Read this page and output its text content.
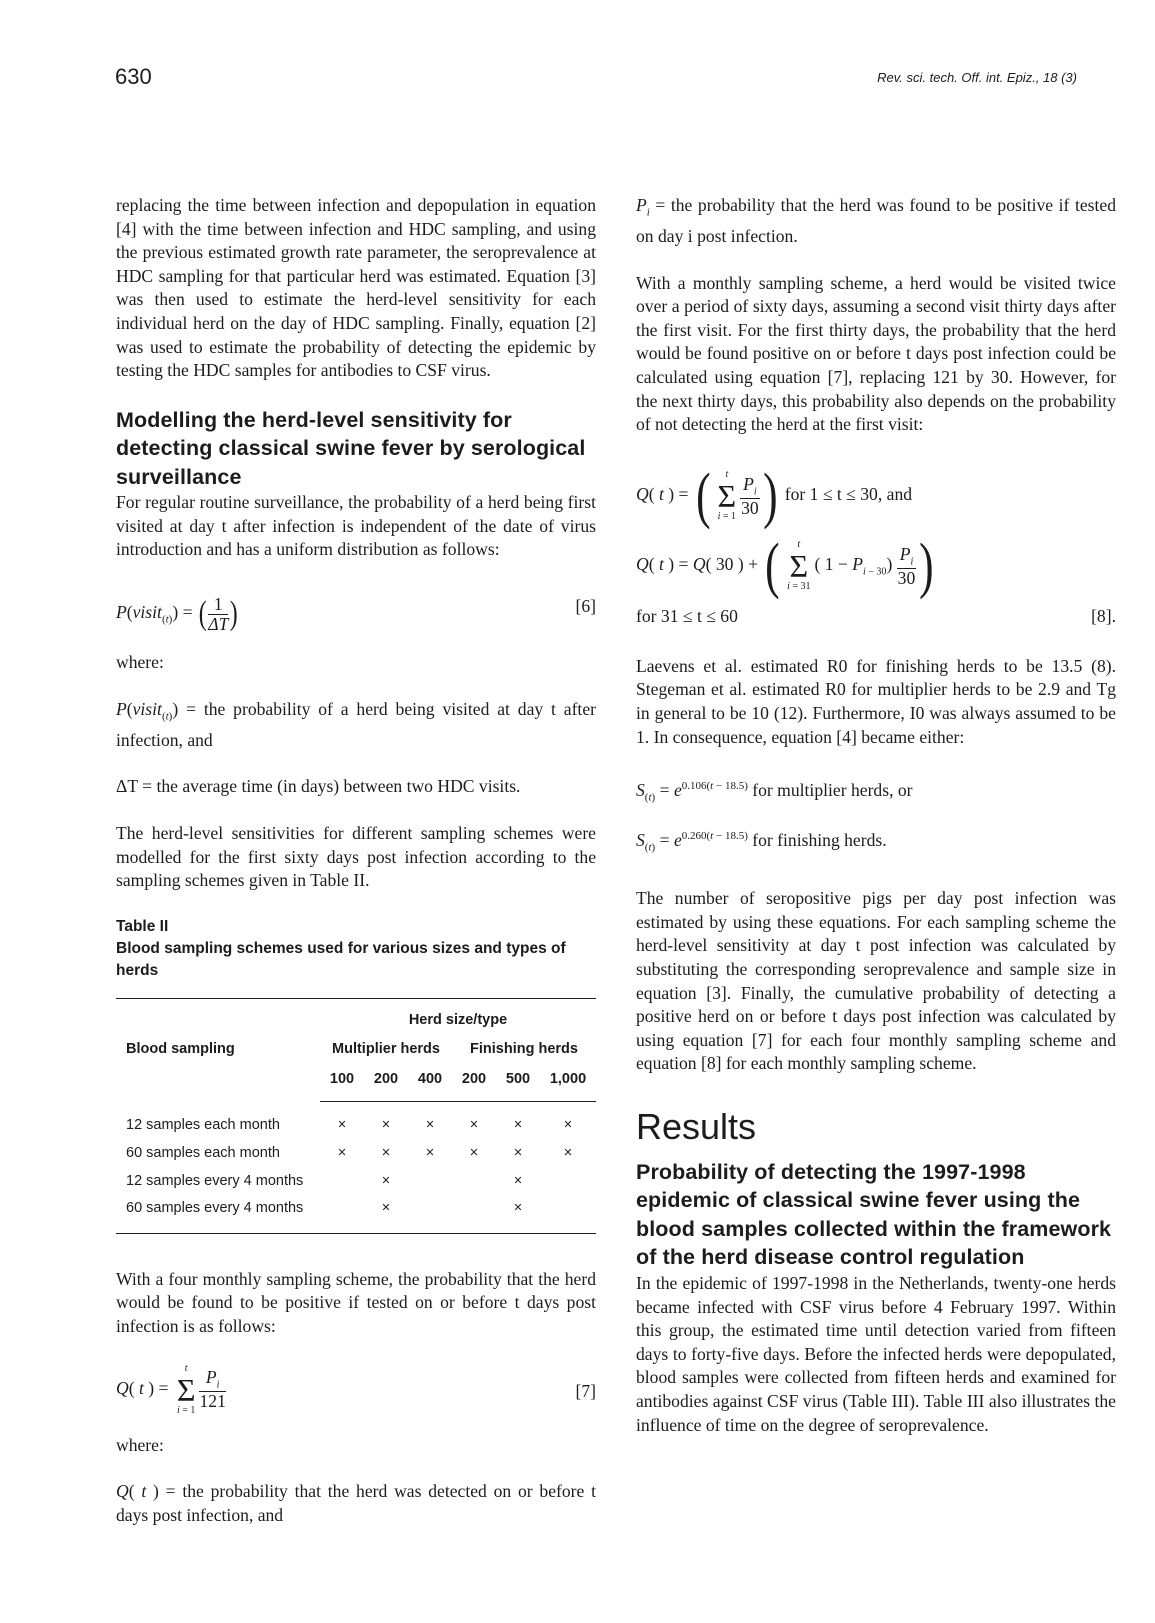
630	Rev. sci. tech. Off. int. Epiz., 18 (3)

replacing the time between infection and depopulation in equation [4] with the time between infection and HDC sampling, and using the previous estimated growth rate parameter, the seroprevalence at HDC sampling for that particular herd was estimated. Equation [3] was then used to estimate the herd-level sensitivity for each individual herd on the day of HDC sampling. Finally, equation [2] was used to estimate the probability of detecting the epidemic by testing the HDC samples for antibodies to CSF virus.

Modelling the herd-level sensitivity for detecting classical swine fever by serological surveillance

For regular routine surveillance, the probability of a herd being first visited at day t after infection is independent of the date of virus introduction and has a uniform distribution as follows:

P(visit$_{(t)}$) = ( $\frac{1}{\Delta T}$ )	[6]

where:

P(visit$_{(t)}$) = the probability of a herd being visited at day t after infection, and

ΔT = the average time (in days) between two HDC visits.

The herd-level sensitivities for different sampling schemes were modelled for the first sixty days post infection according to the sampling schemes given in Table II.

Table II
Blood sampling schemes used for various sizes and types of herds
	Herd size/type					
Blood sampling	Multiplier herds			Finishing herds		
	100	200	400	200	500	1,000
12 samples each month	×	×	×	×	×	×
60 samples each month	×	×	×	×	×	×
12 samples every 4 months		×			×	
60 samples every 4 months		×			×	

With a four monthly sampling scheme, the probability that the herd would be found to be positive if tested on or before t days post infection is as follows:

Q( t ) =
t
Σ
$i = 1 \frac{P_i}{121}$	[7]

where:

Q( t ) = the probability that the herd was detected on or before t days post infection, and

$P_i$ = the probability that the herd was found to be positive if tested on day i post infection.

With a monthly sampling scheme, a herd would be visited twice over a period of sixty days, assuming a second visit thirty days after the first visit. For the first thirty days, the probability that the herd would be found positive on or before t days post infection could be calculated using equation [7], replacing 121 by 30. However, for the next thirty days, this probability also depends on the probability of not detecting the herd at the first visit:

Q( t ) = (	t
Σ
$i = 1 \frac{P_i}{30}$ ) for 1 ≤ t ≤ 30, and
Q( t ) = Q( 30 ) + (	t
Σ
i = 31
( $1 - P_{i - 30}) \frac{P_i}{30}$ )
for 31 ≤ t ≤ 60	[8].

Laevens et al. estimated R0 for finishing herds to be 13.5 (8). Stegeman et al. estimated R0 for multiplier herds to be 2.9 and Tg in general to be 10 (12). Furthermore, I0 was always assumed to be 1. In consequence, equation [4] became either:

$S_{(t)} = e^{0.106(t - 18.5)}$ for multiplier herds, or
$S_{(t)} = e^{0.260(t - 18.5)}$ for finishing herds.

The number of seropositive pigs per day post infection was estimated by using these equations. For each sampling scheme the herd-level sensitivity at day t post infection was calculated by substituting the corresponding seroprevalence and sample size in equation [3]. Finally, the cumulative probability of detecting a positive herd on or before t days post infection was calculated by using equation [7] for each four monthly sampling scheme and equation [8] for each monthly sampling scheme.

Results
Probability of detecting the 1997-1998 epidemic of classical swine fever using the blood samples collected within the framework of the herd disease control regulation

In the epidemic of 1997-1998 in the Netherlands, twenty-one herds became infected with CSF virus before 4 February 1997. Within this group, the estimated time until detection varied from fifteen days to forty-five days. Before the infected herds were depopulated, blood samples were collected from fifteen herds and examined for antibodies against CSF virus (Table III). Table III also illustrates the influence of time on the degree of seroprevalence.
